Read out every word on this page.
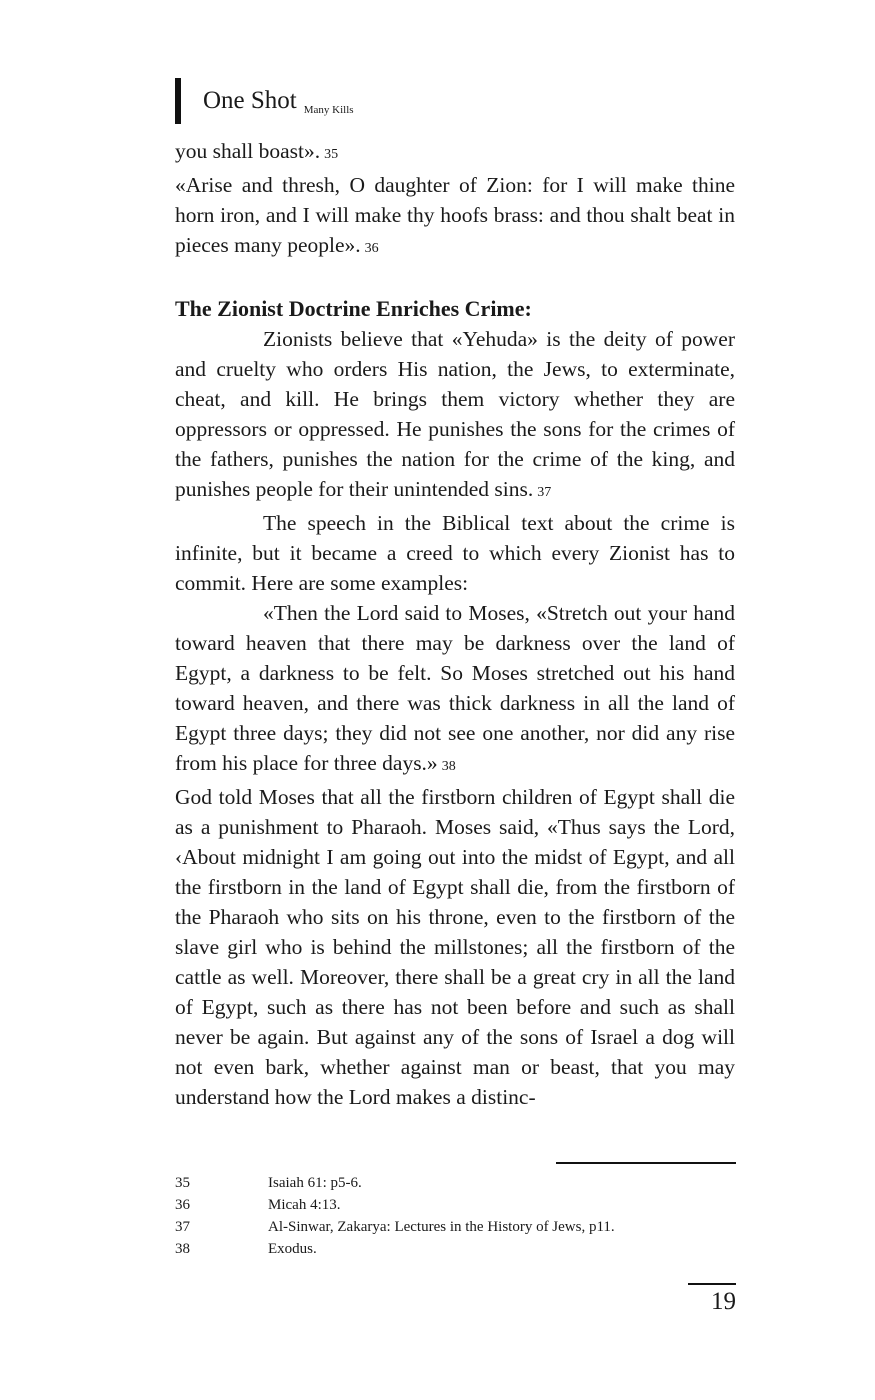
One Shot Many Kills

you shall boast». 35

«Arise and thresh, O daughter of Zion: for I will make thine horn iron, and I will make thy hoofs brass: and thou shalt beat in pieces many people». 36

The Zionist Doctrine Enriches Crime:

Zionists believe that «Yehuda» is the deity of power and cruelty who orders His nation, the Jews, to exterminate, cheat, and kill. He brings them victory whether they are oppressors or oppressed. He punishes the sons for the crimes of the fathers, punishes the nation for the crime of the king, and punishes people for their unintended sins. 37

The speech in the Biblical text about the crime is infinite, but it became a creed to which every Zionist has to commit. Here are some examples:

«Then the Lord said to Moses, «Stretch out your hand toward heaven that there may be darkness over the land of Egypt, a darkness to be felt. So Moses stretched out his hand toward heaven, and there was thick darkness in all the land of Egypt three days; they did not see one another, nor did any rise from his place for three days.» 38

God told Moses that all the firstborn children of Egypt shall die as a punishment to Pharaoh. Moses said, «Thus says the Lord, ‹About midnight I am going out into the midst of Egypt, and all the firstborn in the land of Egypt shall die, from the firstborn of the Pharaoh who sits on his throne, even to the firstborn of the slave girl who is behind the millstones; all the firstborn of the cattle as well. Moreover, there shall be a great cry in all the land of Egypt, such as there has not been before and such as shall never be again. But against any of the sons of Israel a dog will not even bark, whether against man or beast, that you may understand how the Lord makes a distinc-

35	Isaiah 61: p5-6.
36	Micah 4:13.
37	Al-Sinwar, Zakarya: Lectures in the History of Jews, p11.
38	Exodus.
19
